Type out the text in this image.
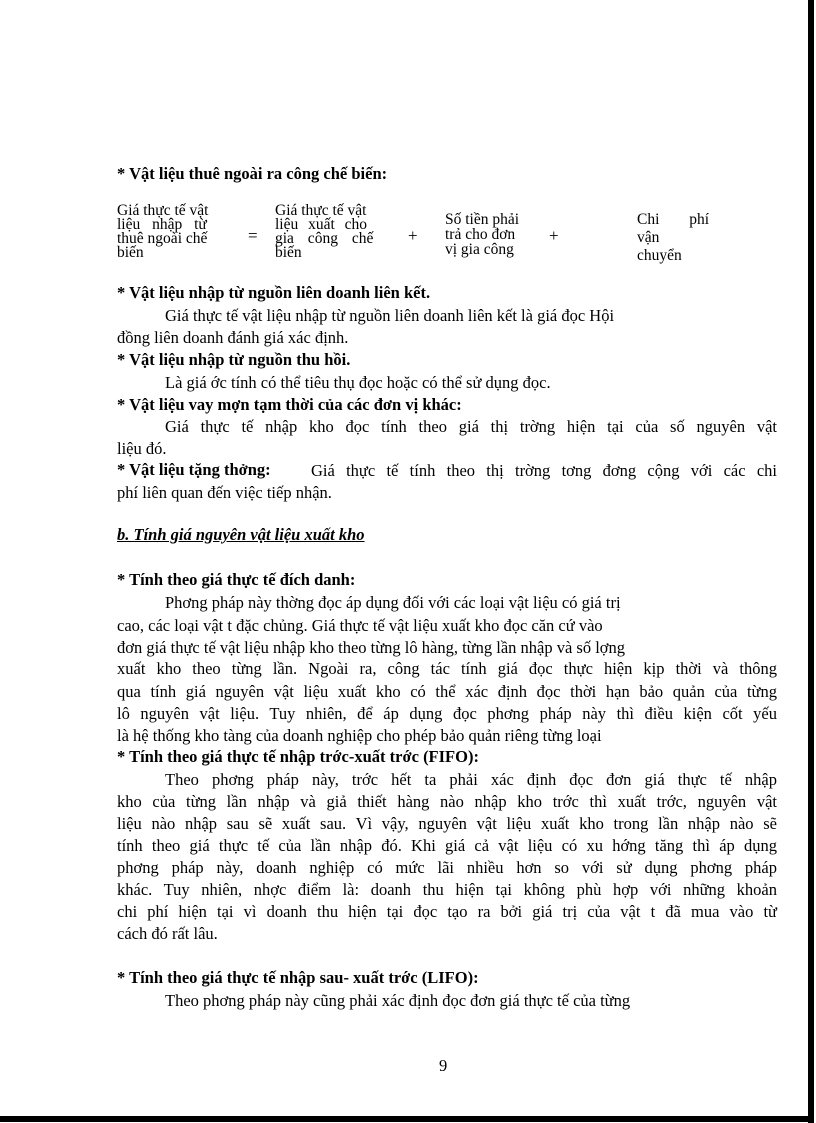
* Vật liệu thuê ngoài ra công chế biến:
Giá thực tế vật
liệu nhập từ
thuê ngoài chế
biến
=
Giá thực tế vật
liệu xuất cho
gia công chế
biến
+
Số tiền phải
trả cho đơn
vị gia công
+
Chi phí
vận
chuyển
* Vật liệu nhập từ nguồn liên doanh liên kết.
Giá thực tế vật liệu nhập từ nguồn liên doanh liên kết là giá đọc Hội
đồng liên doanh đánh giá xác định.
* Vật liệu nhập từ nguồn thu hồi.
Là giá ớc tính có thể tiêu thụ đọc hoặc có thể sử dụng đọc.
* Vật liệu vay mợn tạm thời của các đơn vị khác:
Giá thực tế nhập kho đọc tính theo giá thị trờng hiện tại của số nguyên vật
liệu đó.
* Vật liệu tặng thởng: Giá thực tế tính theo thị trờng tơng đơng cộng với các chi
phí liên quan đến việc tiếp nhận.
b. Tính giá nguyên vật liệu xuất kho
* Tính theo giá thực tế đích danh:
Phơng pháp này thờng đọc áp dụng đối với các loại vật liệu có giá trị
cao, các loại vật t đặc chủng. Giá thực tế vật liệu xuất kho đọc căn cứ vào
đơn giá thực tế vật liệu nhập kho theo từng lô hàng, từng lần nhập và số lợng
xuất kho theo từng lần. Ngoài ra, công tác tính giá đọc thực hiện kịp thời và thông
qua tính giá nguyên vật liệu xuất kho có thể xác định đọc thời hạn bảo quản của từng
lô nguyên vật liệu. Tuy nhiên, để áp dụng đọc phơng pháp này thì điều kiện cốt yếu
là hệ thống kho tàng của doanh nghiệp cho phép bảo quản riêng từng loại
* Tính theo giá thực tế nhập trớc-xuất trớc (FIFO):
Theo phơng pháp này, trớc hết ta phải xác định đọc đơn giá thực tế nhập
kho của từng lần nhập và giả thiết hàng nào nhập kho trớc thì xuất trớc, nguyên vật
liệu nào nhập sau sẽ xuất sau. Vì vậy, nguyên vật liệu xuất kho trong lần nhập nào sẽ
tính theo giá thực tế của lần nhập đó. Khi giá cả vật liệu có xu hớng tăng thì áp dụng
phơng pháp này, doanh nghiệp có mức lãi nhiều hơn so với sử dụng phơng pháp
khác. Tuy nhiên, nhợc điểm là: doanh thu hiện tại không phù hợp với những khoản
chi phí hiện tại vì doanh thu hiện tại đọc tạo ra bởi giá trị của vật t đã mua vào từ
cách đó rất lâu.
* Tính theo giá thực tế nhập sau- xuất trớc (LIFO):
Theo phơng pháp này cũng phải xác định đọc đơn giá thực tế của từng
9
